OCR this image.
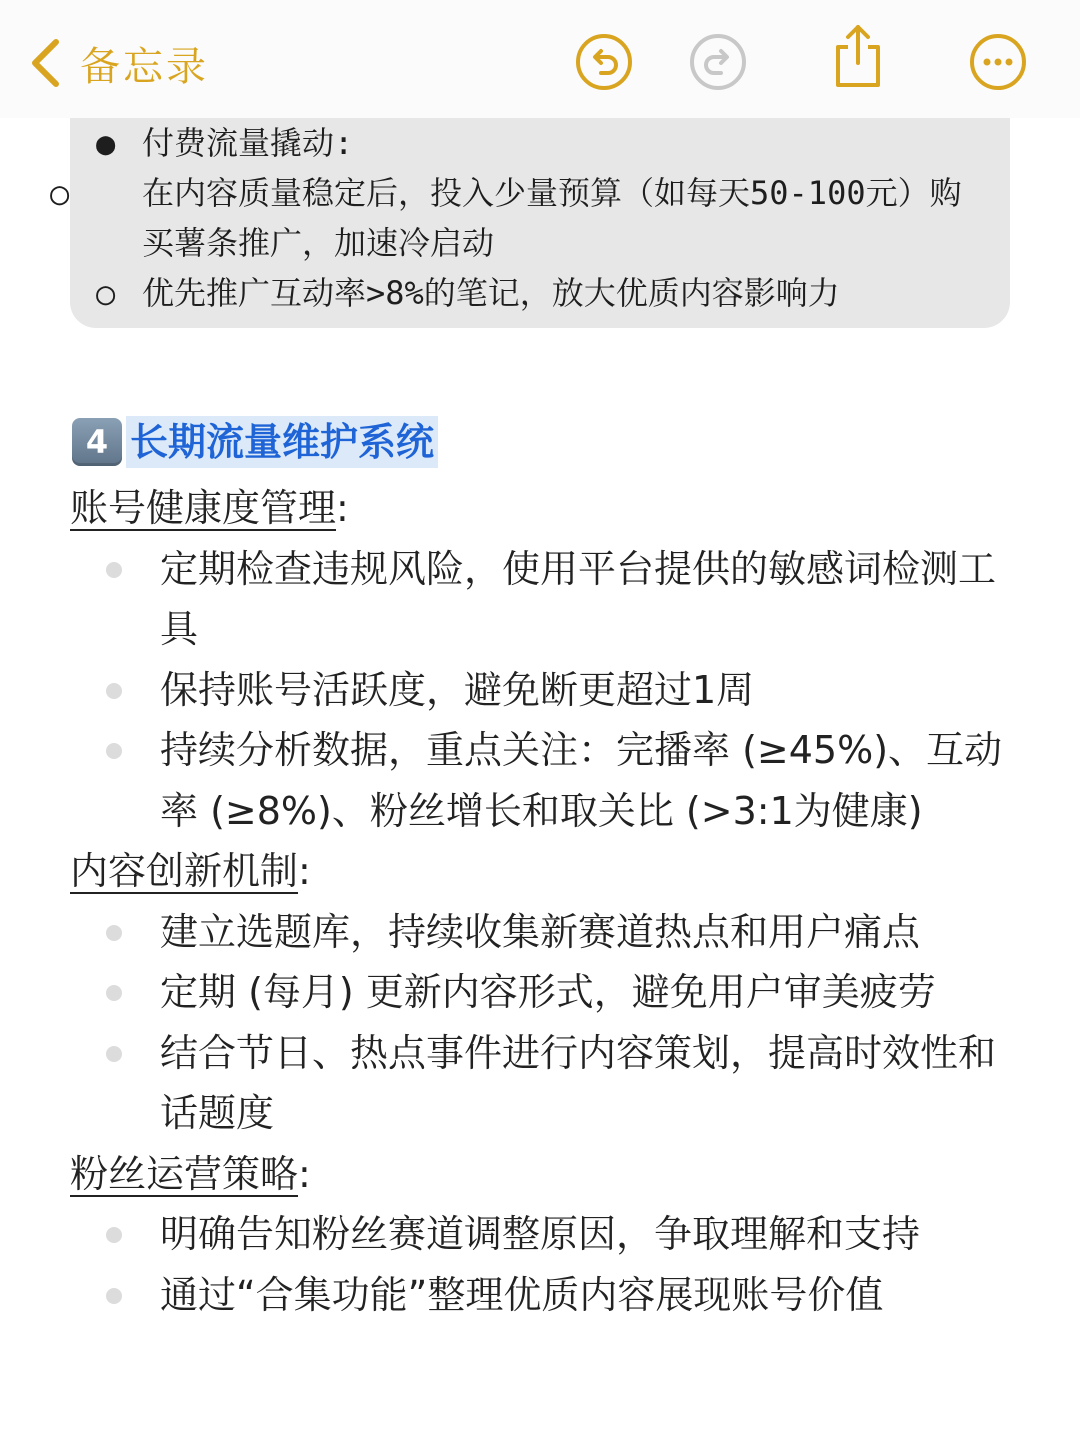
备忘录
● 付费流量撬动:
○ 在内容质量稳定后，投入少量预算（如每天50-100元）购买薯条推广，加速冷启动
○ 优先推广互动率>8%的笔记，放大优质内容影响力
4 长期流量维护系统
账号健康度管理:
定期检查违规风险，使用平台提供的敏感词检测工具
保持账号活跃度，避免断更超过1周
持续分析数据，重点关注：完播率 (≥45%)、互动率 (≥8%)、粉丝增长和取关比 (>3:1为健康)
内容创新机制:
建立选题库，持续收集新赛道热点和用户痛点
定期 (每月) 更新内容形式，避免用户审美疲劳
结合节日、热点事件进行内容策划，提高时效性和话题度
粉丝运营策略:
明确告知粉丝赛道调整原因，争取理解和支持
通过“合集功能”整理优质内容展现账号价值
